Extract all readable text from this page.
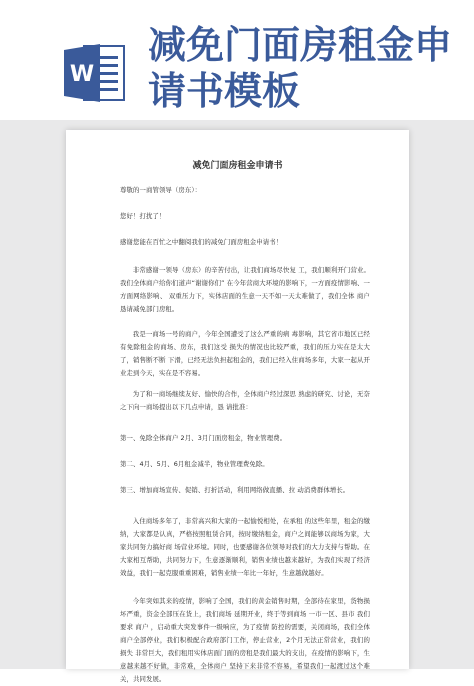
W
减免门面房租金申
请书模板
减免门面房租金申请书
尊敬的一商管领导（房东）：
您好！打扰了！
感谢您能在百忙之中翻阅我们的减免门面房租金申请书！
非常感谢一领导（房东）的辛苦付出，让我们商场尽快复 工，我们顺利开门营业。我们全体商户给你们道声“谢谢你们” 在今年营商大环境的影响下，一方面疫情影响、一方面网络影响、 双重压力下，实体店面的生意一天不如一天太难做了，我们全体 商户恳请减免部门房租。
我是一商场一号的商户，今年全国遭受了这么严重的病 毒影响，其它省市地区已经有免除租金的商场、房东，我们这受 损失的情况也比较严重，我们的压力实在是太大了，销售断不断 下滑，已经无法负担起租金的，我们已经入住商场多年，大家一起从开业走到今天，实在是不容易。
为了和一商场继续友好、愉快的合作，全体商户经过深思 熟虑的研究、讨论，无奈之下向一商场提出以下几点申请，恳 请批准：
第一、免除全体商户 2月、3月门面房租金，物业管理费。
第二、4月、5月、6月租金减半，物业管理费免除。
第三、增加商场宣传、促销、打折活动，利用网络做直播、拉 动消费群体增长。
入住商场多年了，非常高兴和大家的一起愉悦相处，在承租 的这些年里，租金的缴纳，大家都是认真，严格按照租赁合同，按时缴纳租金，商户之间能够以商场为家，大家共同努力搞好商 场营业环境。同时，也要感谢各位领导对我们的大力支持与帮助。在大家相互帮助，共同努力下，生意逐渐顺利，销售业绩也越来越好，为我们实现了经济效益，我们一起克服重重困难，销售业绩一年比一年好，生意越做越好。
今年突如其来的疫情，影响了全国，我们的黄金销售时期，全部待在家里，货物损坏严重，资金全部压在货上，我们商场 延期开业，终于等到商场 一市一区、县市 我们要求 商户 ，启动重大突发事件一级响应，为了疫情 防控的需要，关闭商场，我们全体商户全部停业，我们积极配合政府部门工作，停止营业，2个月无法正常营业，我们的损失 非常巨大，我们租用实体店面门面的房租是我们最大的支出，在疫情的影响下，生意越来越不好做，非常难，全体商户 坚持下来非常不容易，希望我们一起渡过这个难关，共同发展。
